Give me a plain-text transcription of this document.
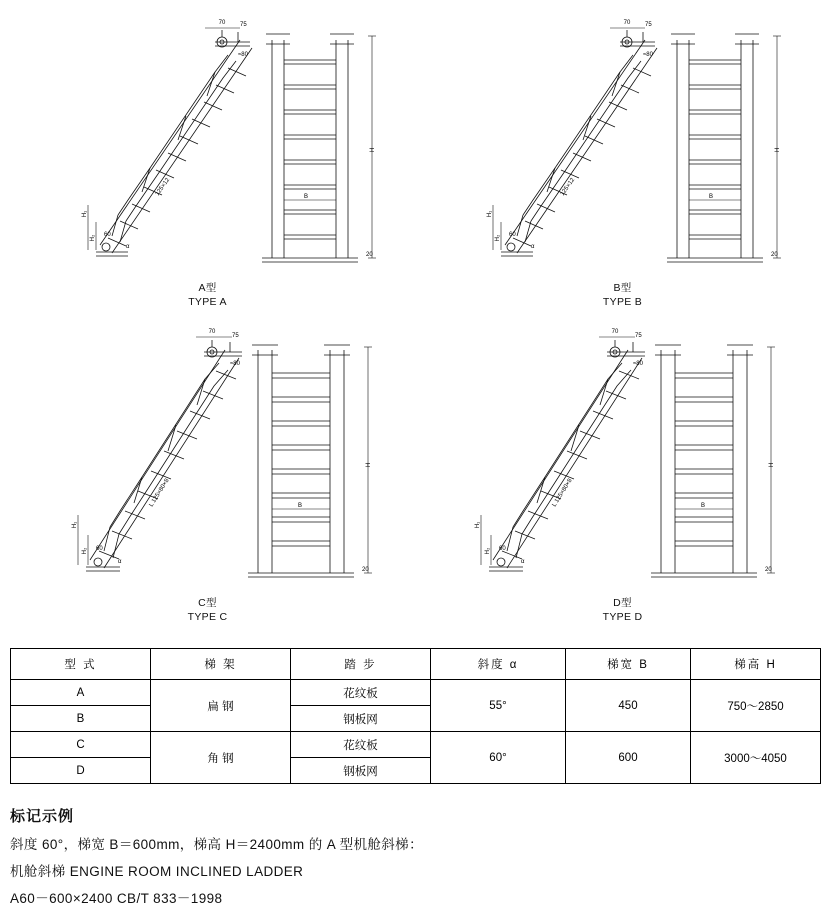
H
B
H₁
H₂ 60
70 75
≈80
125×12
20
α
A型
TYPE A
H
B
H₁
H₂ 60
70 75
≈80
125×12
20
α
B型
TYPE B
H
B
H₁
H₂ 60
70
75
≈80
L 125×80×8
20
α
C型
TYPE C
H
B
H₁
H₂ 60
70
75
≈80
L 125×80×8
20
α
D型
TYPE D
型 式	梯 架	踏 步	斜度 α	梯宽 B	梯高 H
A	扁 钢	花纹板	55°	450	750～2850
B		钢板网			
C	角 钢	花纹板	60°	600	3000～4050
D		钢板网			
标记示例

斜度 60°，梯宽 B＝600mm，梯高 H＝2400mm 的 A 型机舱斜梯：

机舱斜梯 ENGINE ROOM INCLINED LADDER

A60－600×2400 CB/T 833－1998
